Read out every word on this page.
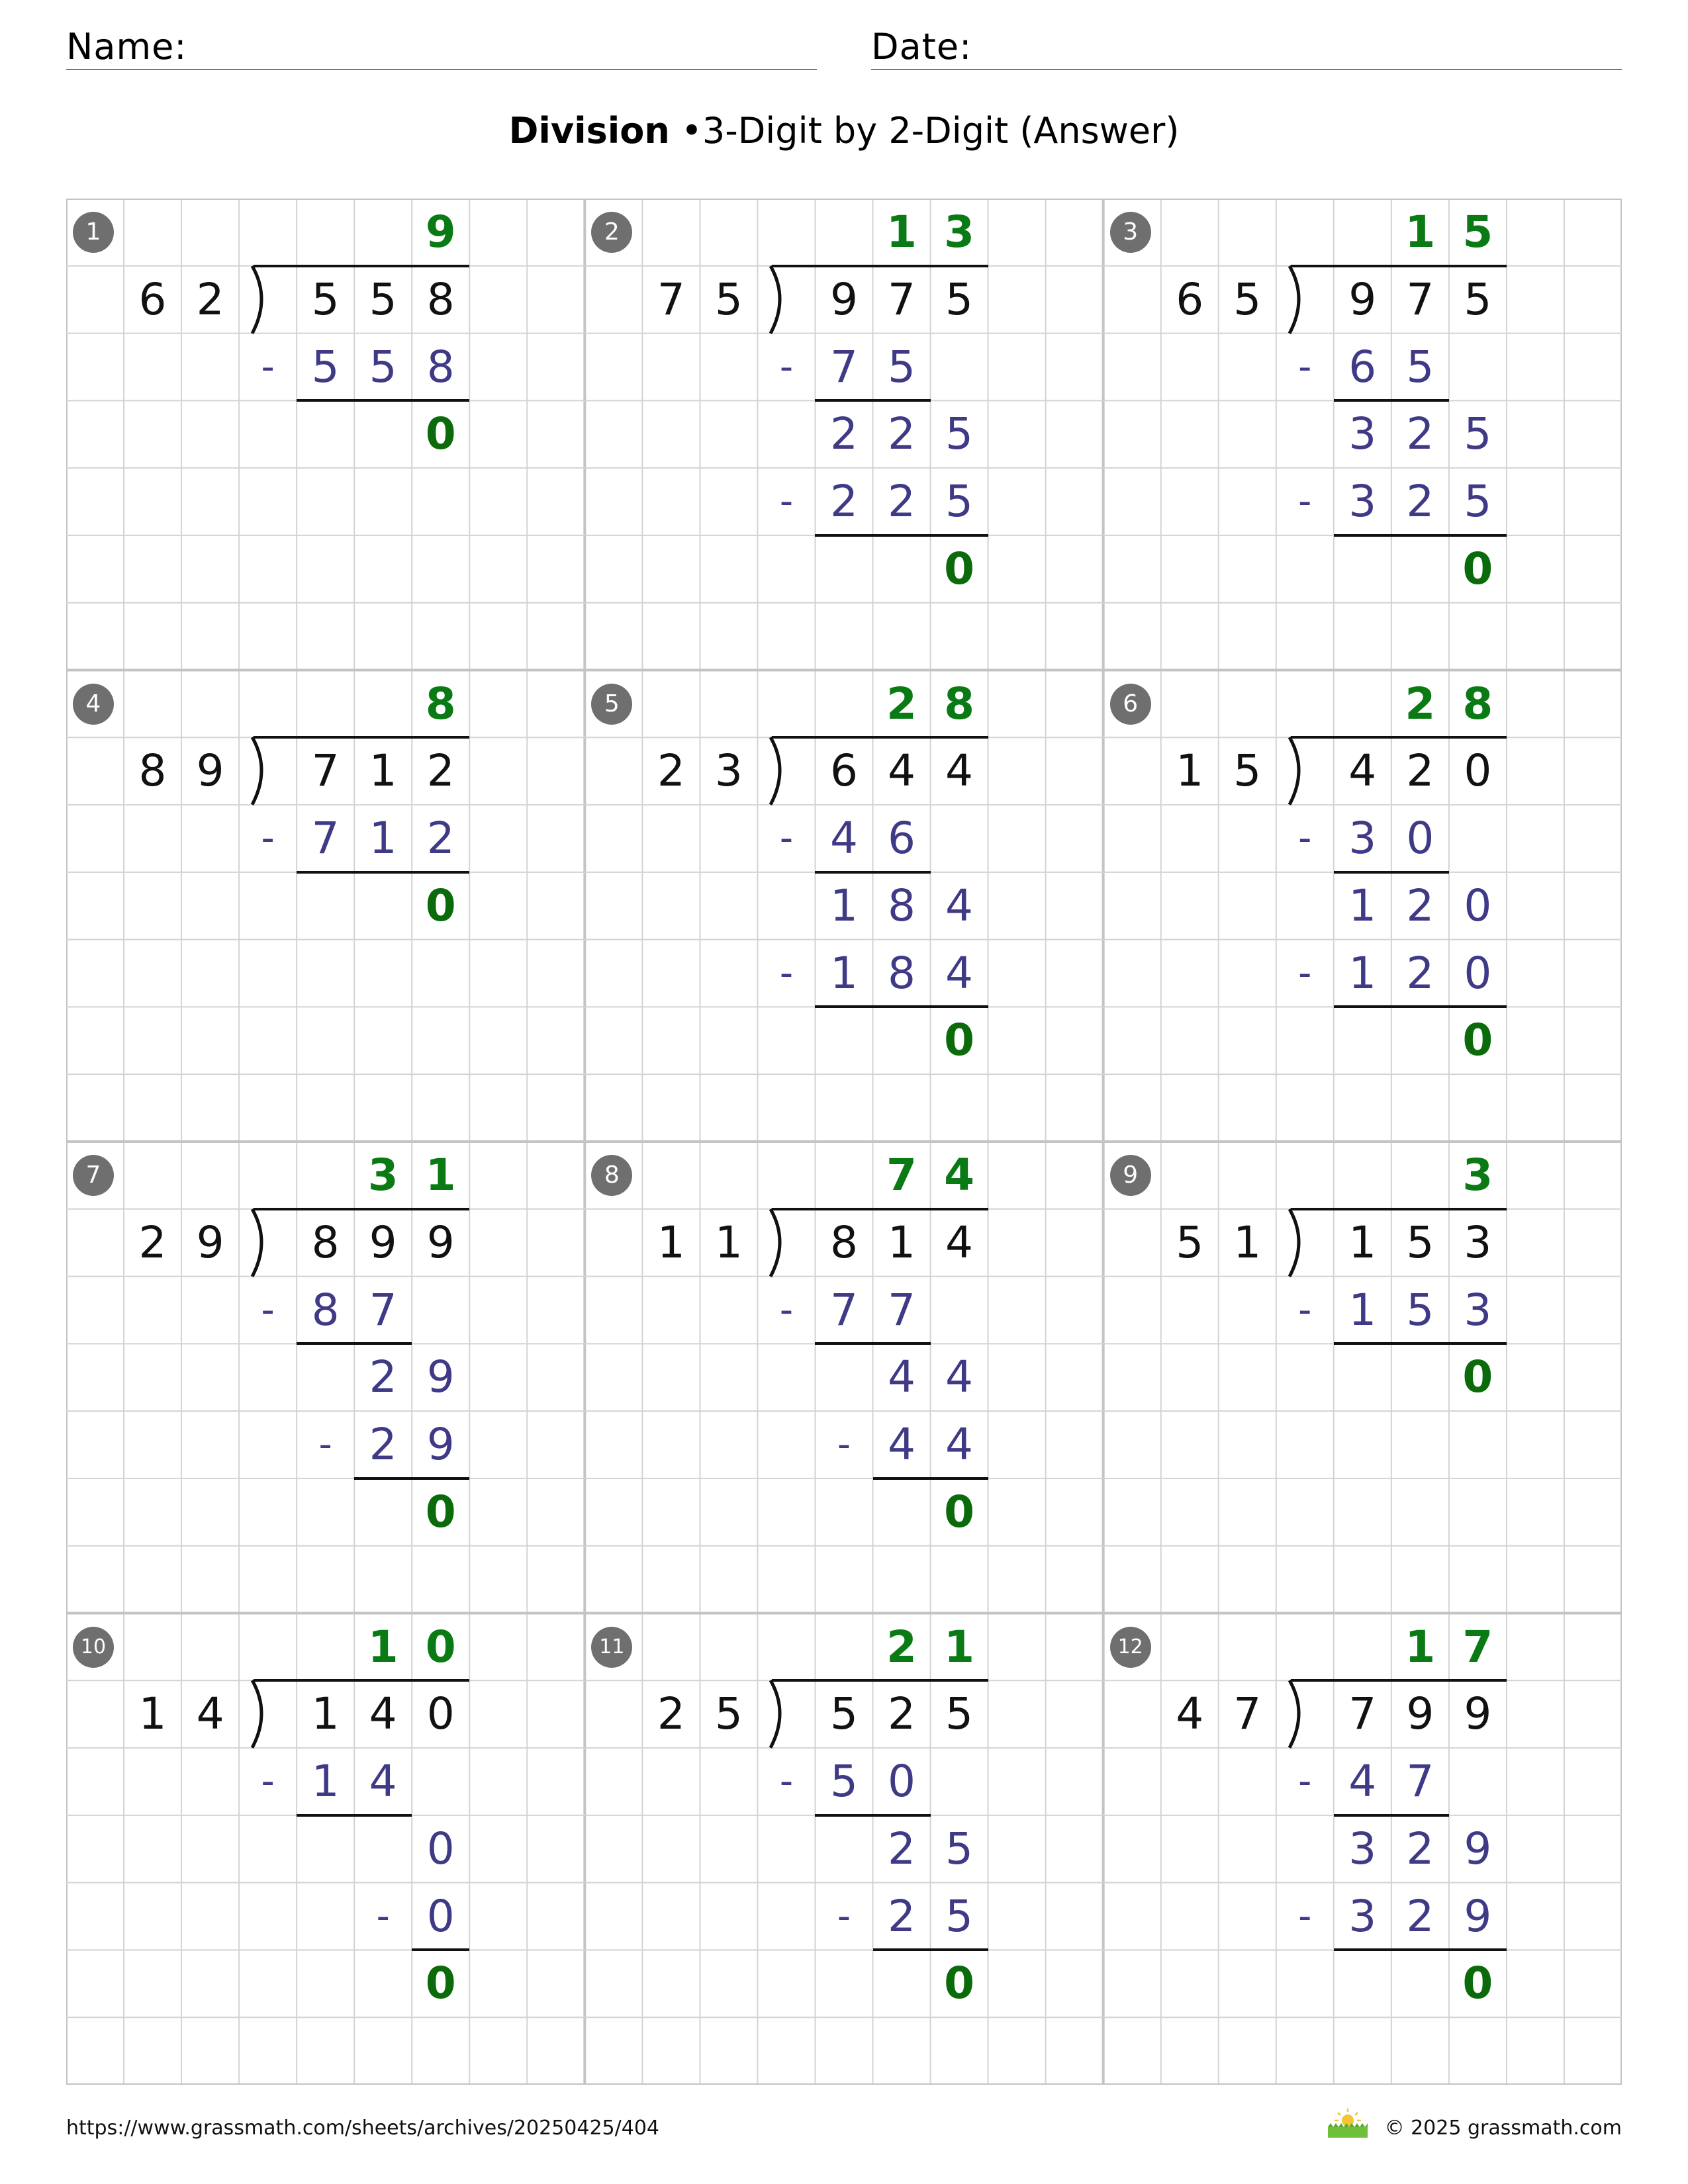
Name:	Date:
Division •3-Digit by 2-Digit (Answer)
1	9
6 2	5 5 8
- 5 5 8
0
2	1 3
7 5	9 7 5
- 7 5
2 2 5
- 2 2 5
0
3	1 5
6 5	9 7 5
- 6 5
3 2 5
- 3 2 5
0
4	8
8 9	7 1 2
- 7 1 2
0
5	2 8
2 3	6 4 4
- 4 6
1 8 4
- 1 8 4
0
6	2 8
1 5	4 2 0
- 3 0
1 2 0
- 1 2 0
0
7	3 1
2 9	8 9 9
- 8 7
2 9
- 2 9
0
8	7 4
1 1	8 1 4
- 7 7
4 4
- 4 4
0
9	3
5 1	1 5 3
- 1 5 3
0
10	1 0
1 4	1 4 0
- 1 4
0
- 0
0
11	2 1
2 5	5 2 5
- 5 0
2 5
- 2 5
0
12	1 7
4 7	7 9 9
- 4 7
3 2 9
- 3 2 9
0
https://www.grassmath.com/sheets/archives/20250425/404	© 2025 grassmath.com
